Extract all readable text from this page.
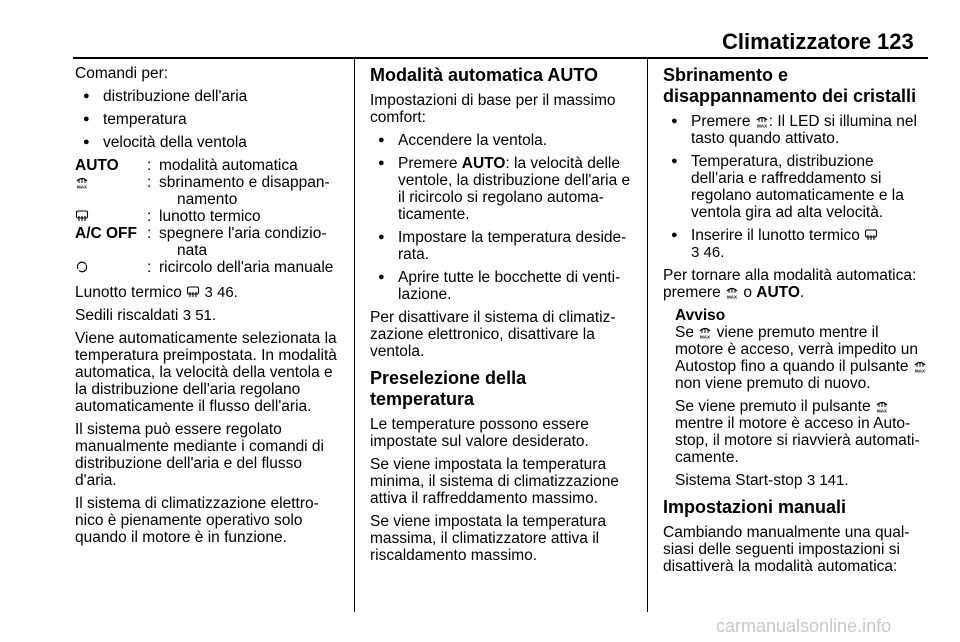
Climatizzatore 123

Comandi per:

● distribuzione dell'aria
● temperatura
● velocità della ventola
AUTO	: modalità automatica
MAX	: sbrinamento e disappan-
namento
: lunotto termico
A/C OFF : spegnere l'aria condizio-
nata
: ricircolo dell'aria manuale

Lunotto termico 3 46.

Sedili riscaldati 3 51.

Viene automaticamente selezionata la temperatura preimpostata. In modalità automatica, la velocità della ventola e la distribuzione dell'aria regolano automaticamente il flusso dell'aria.

Il sistema può essere regolato manualmente mediante i comandi di distribuzione dell'aria e del flusso d'aria.

Il sistema di climatizzazione elettro-nico è pienamente operativo solo quando il motore è in funzione.

Modalità automatica AUTO

Impostazioni di base per il massimo comfort:

● Accendere la ventola.
● Premere AUTO: la velocità delle ventole, la distribuzione dell'aria e il ricircolo si regolano automa-ticamente.
● Impostare la temperatura deside-rata.
● Aprire tutte le bocchette di venti-lazione.

Per disattivare il sistema di climatiz-zazione elettronico, disattivare la ventola.

Preselezione della temperatura

Le temperature possono essere impostate sul valore desiderato.

Se viene impostata la temperatura minima, il sistema di climatizzazione attiva il raffreddamento massimo.

Se viene impostata la temperatura massima, il climatizzatore attiva il riscaldamento massimo.

Sbrinamento e disappannamento dei cristalli
● Premere MAX : Il LED si illumina nel tasto quando attivato.
● Temperatura, distribuzione dell'aria e raffreddamento si regolano automaticamente e la ventola gira ad alta velocità.
● Inserire il lunotto termico
3 46.

Per tornare alla modalità automatica: premere MAX o AUTO.

Avviso

Se MAX viene premuto mentre il motore è acceso, verrà impedito un Autostop fino a quando il pulsante MAX
non viene premuto di nuovo.

Se viene premuto il pulsante MAX
mentre il motore è acceso in Auto-stop, il motore si riavvierà automati-camente.

Sistema Start-stop 3 141.

Impostazioni manuali

Cambiando manualmente una qual-siasi delle seguenti impostazioni si disattiverà la modalità automatica:

carmanualsonline.info
